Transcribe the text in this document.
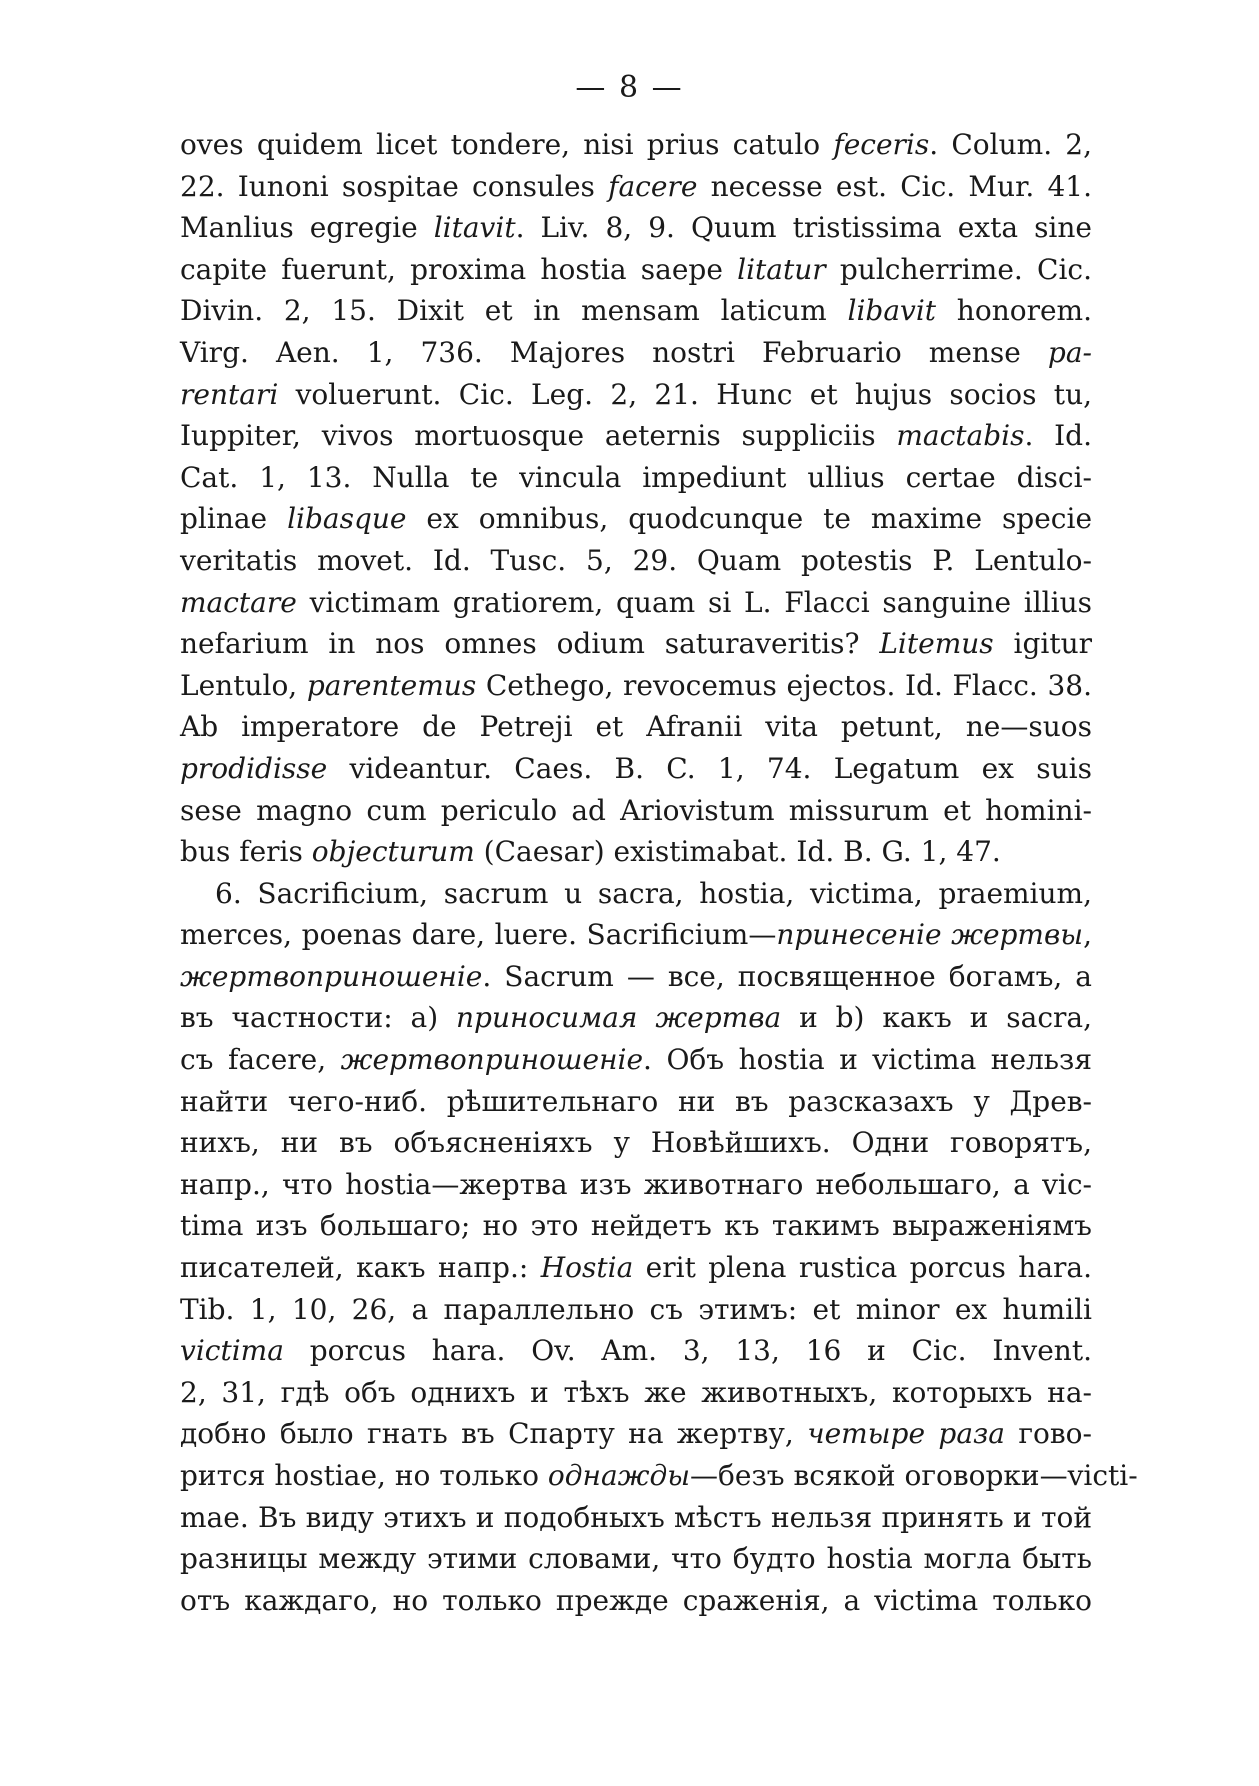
— 8 —
oves quidem licet tondere, nisi prius catulo feceris. Colum. 2,
22. Iunoni sospitae consules facere necesse est. Cic. Mur. 41.
Manlius egregie litavit. Liv. 8, 9. Quum tristissima exta sine
capite fuerunt, proxima hostia saepe litatur pulcherrime. Cic.
Divin. 2, 15. Dixit et in mensam laticum libavit honorem.
Virg. Aen. 1, 736. Majores nostri Februario mense pa-
rentari voluerunt. Cic. Leg. 2, 21. Hunc et hujus socios tu,
Iuppiter, vivos mortuosque aeternis suppliciis mactabis. Id.
Cat. 1, 13. Nulla te vincula impediunt ullius certae disci-
plinae libasque ex omnibus, quodcunque te maxime specie
veritatis movet. Id. Tusc. 5, 29. Quam potestis P. Lentulo-
mactare victimam gratiorem, quam si L. Flacci sanguine illius
nefarium in nos omnes odium saturaveritis? Litemus igitur
Lentulo, parentemus Cethego, revocemus ejectos. Id. Flacc. 38.
Ab imperatore de Petreji et Afranii vita petunt, ne—suos
prodidisse videantur. Caes. B. C. 1, 74. Legatum ex suis
sese magno cum periculo ad Ariovistum missurum et homini-
bus feris objecturum (Caesar) existimabat. Id. B. G. 1, 47.
6. Sacrificium, sacrum u sacra, hostia, victima, praemium,
merces, poenas dare, luere. Sacrificium—принесенiе жертвы,
жертвоприношенiе. Sacrum — все, посвященное богамъ, а
въ частности: a) приносимая жертва и b) какъ и sacra,
съ facere, жертвоприношенiе. Объ hostia и victima нельзя
найти чего-ниб. рѣшительнаго ни въ разсказахъ у Древ-
нихъ, ни въ объясненiяхъ у Новѣйшихъ. Одни говорятъ,
напр., что hostia—жертва изъ животнаго небольшаго, а vic-
tima изъ большаго; но это нейдетъ къ такимъ выраженiямъ
писателей, какъ напр.: Hostia erit plena rustica porcus hara.
Tib. 1, 10, 26, а параллельно съ этимъ: et minor ex humili
victima porcus hara. Ov. Am. 3, 13, 16 и Cic. Invent.
2, 31, гдѣ объ однихъ и тѣхъ же животныхъ, которыхъ на-
добно было гнать въ Спарту на жертву, четыре раза гово-
рится hostiae, но только однажды—безъ всякой оговорки—victi-
mae. Въ виду этихъ и подобныхъ мѣстъ нельзя принять и той
разницы между этими словами, что будто hostia могла быть
отъ каждаго, но только прежде сраженiя, а victima только
